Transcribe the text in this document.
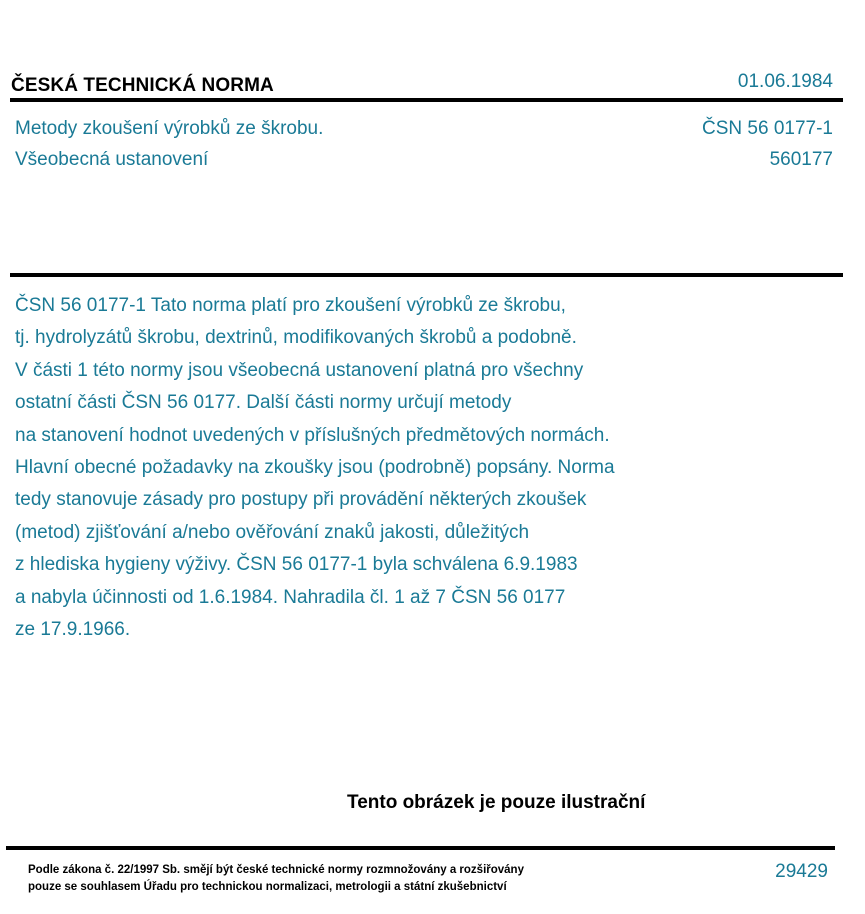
ČESKÁ TECHNICKÁ NORMA	01.06.1984
Metody zkoušení výrobků ze škrobu.
Všeobecná ustanovení
ČSN 56 0177-1
560177
ČSN 56 0177-1 Tato norma platí pro zkoušení výrobků ze škrobu,
tj. hydrolyzátů škrobu, dextrinů, modifikovaných škrobů a podobně.
V části 1 této normy jsou všeobecná ustanovení platná pro všechny
ostatní části ČSN 56 0177. Další části normy určují metody
na stanovení hodnot uvedených v příslušných předmětových normách.
Hlavní obecné požadavky na zkoušky jsou (podrobně) popsány. Norma
tedy stanovuje zásady pro postupy při provádění některých zkoušek
(metod) zjišťování a/nebo ověřování znaků jakosti, důležitých
z hlediska hygieny výživy. ČSN 56 0177-1 byla schválena 6.9.1983
a nabyla účinnosti od 1.6.1984. Nahradila čl. 1 až 7 ČSN 56 0177
ze 17.9.1966.
Tento obrázek je pouze ilustrační
Podle zákona č. 22/1997 Sb. smějí být české technické normy rozmnožovány a rozšiřovány
pouze se souhlasem Úřadu pro technickou normalizaci, metrologii a státní zkušebnictví
29429
